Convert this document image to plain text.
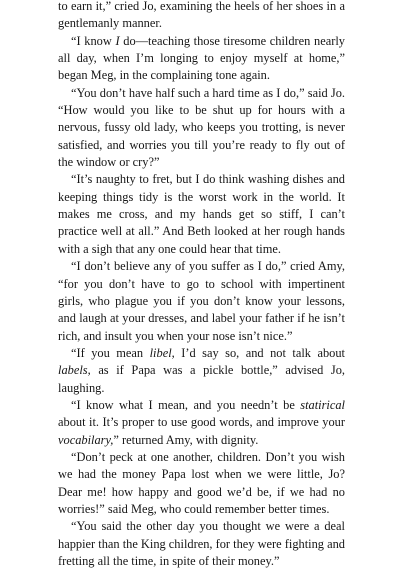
to earn it,” cried Jo, examining the heels of her shoes in a gentlemanly manner.

“I know I do—teaching those tiresome children nearly all day, when I’m longing to enjoy myself at home,” began Meg, in the complaining tone again.

“You don’t have half such a hard time as I do,” said Jo. “How would you like to be shut up for hours with a nervous, fussy old lady, who keeps you trotting, is never satisfied, and worries you till you’re ready to fly out of the window or cry?”

“It’s naughty to fret, but I do think washing dishes and keeping things tidy is the worst work in the world. It makes me cross, and my hands get so stiff, I can’t practice well at all.” And Beth looked at her rough hands with a sigh that any one could hear that time.

“I don’t believe any of you suffer as I do,” cried Amy, “for you don’t have to go to school with impertinent girls, who plague you if you don’t know your lessons, and laugh at your dresses, and label your father if he isn’t rich, and insult you when your nose isn’t nice.”

“If you mean libel, I’d say so, and not talk about labels, as if Papa was a pickle bottle,” advised Jo, laughing.

“I know what I mean, and you needn’t be statirical about it. It’s proper to use good words, and improve your vocabilary,” returned Amy, with dignity.

“Don’t peck at one another, children. Don’t you wish we had the money Papa lost when we were little, Jo? Dear me! how happy and good we’d be, if we had no worries!” said Meg, who could remember better times.

“You said the other day you thought we were a deal happier than the King children, for they were fighting and fretting all the time, in spite of their money.”
